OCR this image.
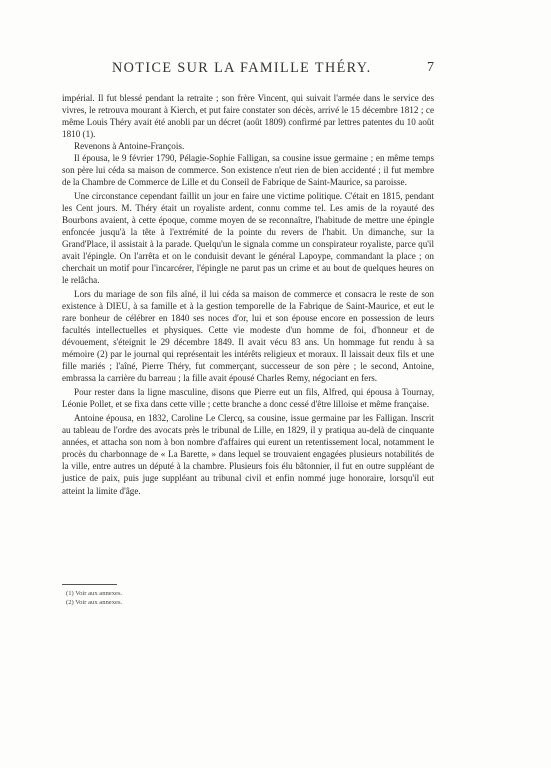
NOTICE SUR LA FAMILLE THÉRY.	7

impérial. Il fut blessé pendant la retraite ; son frère Vincent, qui suivait l'armée dans le service des vivres, le retrouva mourant à Kierch, et put faire constater son décès, arrivé le 15 décembre 1812 ; ce même Louis Théry avait été anobli par un décret (août 1809) confirmé par lettres patentes du 10 août 1810 (1).

Revenons à Antoine-François.

Il épousa, le 9 février 1790, Pélagie-Sophie Falligan, sa cousine issue germaine ; en même temps son père lui céda sa maison de commerce. Son existence n'eut rien de bien accidenté ; il fut membre de la Chambre de Commerce de Lille et du Conseil de Fabrique de Saint-Maurice, sa paroisse.

Une circonstance cependant faillit un jour en faire une victime politique. C'était en 1815, pendant les Cent jours. M. Théry était un royaliste ardent, connu comme tel. Les amis de la royauté des Bourbons avaient, à cette époque, comme moyen de se reconnaître, l'habitude de mettre une épingle enfoncée jusqu'à la tête à l'extrémité de la pointe du revers de l'habit. Un dimanche, sur la Grand'Place, il assistait à la parade. Quelqu'un le signala comme un conspirateur royaliste, parce qu'il avait l'épingle. On l'arrêta et on le conduisit devant le général Lapoype, commandant la place ; on cherchait un motif pour l'incarcérer, l'épingle ne parut pas un crime et au bout de quelques heures on le relâcha.

Lors du mariage de son fils aîné, il lui céda sa maison de commerce et consacra le reste de son existence à DIEU, à sa famille et à la gestion temporelle de la Fabrique de Saint-Maurice, et eut le rare bonheur de célébrer en 1840 ses noces d'or, lui et son épouse encore en possession de leurs facultés intellectuelles et physiques. Cette vie modeste d'un homme de foi, d'honneur et de dévouement, s'éteignit le 29 décembre 1849. Il avait vécu 83 ans. Un hommage fut rendu à sa mémoire (2) par le journal qui représentait les intérêts religieux et moraux. Il laissait deux fils et une fille mariés ; l'aîné, Pierre Théry, fut commerçant, successeur de son père ; le second, Antoine, embrassa la carrière du barreau ; la fille avait épousé Charles Remy, négociant en fers.

Pour rester dans la ligne masculine, disons que Pierre eut un fils, Alfred, qui épousa à Tournay, Léonie Pollet, et se fixa dans cette ville ; cette branche a donc cessé d'être lilloise et même française.

Antoine épousa, en 1832, Caroline Le Clercq, sa cousine, issue germaine par les Falligan. Inscrit au tableau de l'ordre des avocats près le tribunal de Lille, en 1829, il y pratiqua au-delà de cinquante années, et attacha son nom à bon nombre d'affaires qui eurent un retentissement local, notamment le procès du charbonnage de « La Barette, » dans lequel se trouvaient engagées plusieurs notabilités de la ville, entre autres un député à la chambre. Plusieurs fois élu bâtonnier, il fut en outre suppléant de justice de paix, puis juge suppléant au tribunal civil et enfin nommé juge honoraire, lorsqu'il eut atteint la limite d'âge.

(1) Voir aux annexes.

(2) Voir aux annexes.
